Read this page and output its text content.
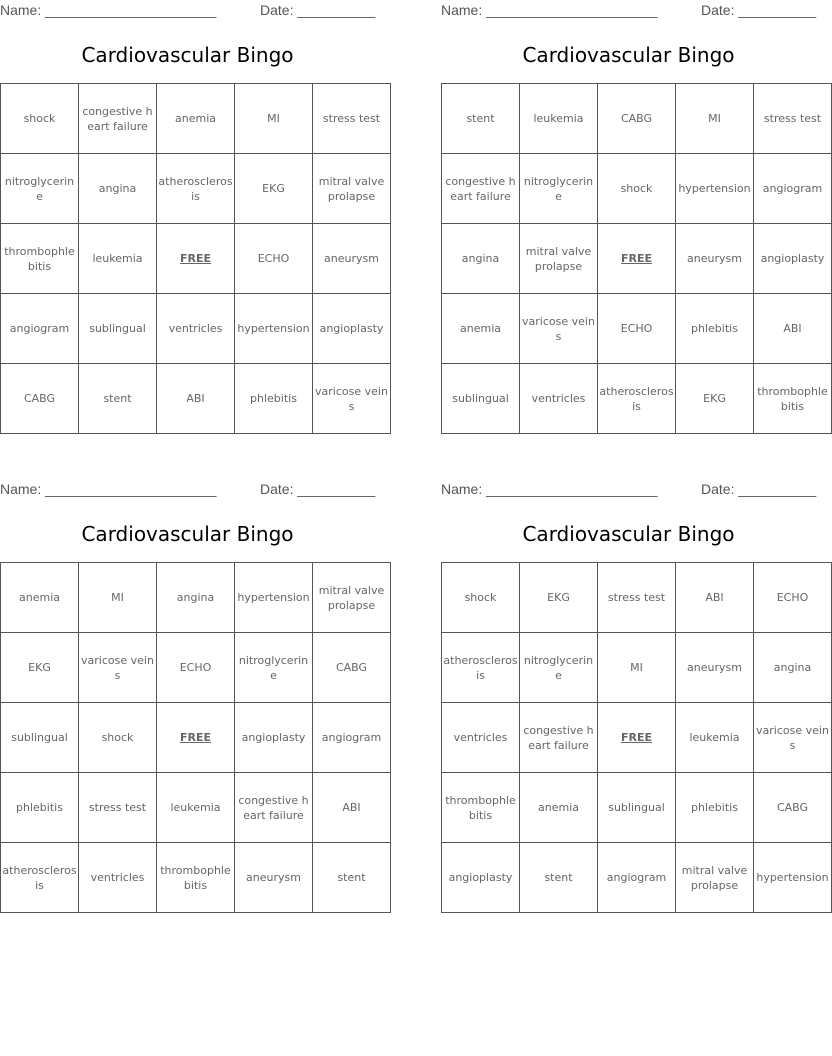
Name: ______________________	Date: __________
Cardiovascular Bingo
shock	congestive heart failure	anemia	MI	stress test
nitroglycerine	angina	atherosclerosis	EKG	mitral valve prolapse
thrombophlebitis	leukemia	FREE	ECHO	aneurysm
angiogram	sublingual	ventricles	hypertension	angioplasty
CABG	stent	ABI	phlebitis	varicose veins
Name: ______________________	Date: __________
Cardiovascular Bingo
stent	leukemia	CABG	MI	stress test
congestive heart failure	nitroglycerine	shock	hypertension	angiogram
angina	mitral valve prolapse	FREE	aneurysm	angioplasty
anemia	varicose veins	ECHO	phlebitis	ABI
sublingual	ventricles	atherosclerosis	EKG	thrombophlebitis
Name: ______________________	Date: __________
Cardiovascular Bingo
anemia	MI	angina	hypertension	mitral valve prolapse
EKG	varicose veins	ECHO	nitroglycerine	CABG
sublingual	shock	FREE	angioplasty	angiogram
phlebitis	stress test	leukemia	congestive heart failure	ABI
atherosclerosis	ventricles	thrombophlebitis	aneurysm	stent
Name: ______________________	Date: __________
Cardiovascular Bingo
shock	EKG	stress test	ABI	ECHO
atherosclerosis	nitroglycerine	MI	aneurysm	angina
ventricles	congestive heart failure	FREE	leukemia	varicose veins
thrombophlebitis	anemia	sublingual	phlebitis	CABG
angioplasty	stent	angiogram	mitral valve prolapse	hypertension
